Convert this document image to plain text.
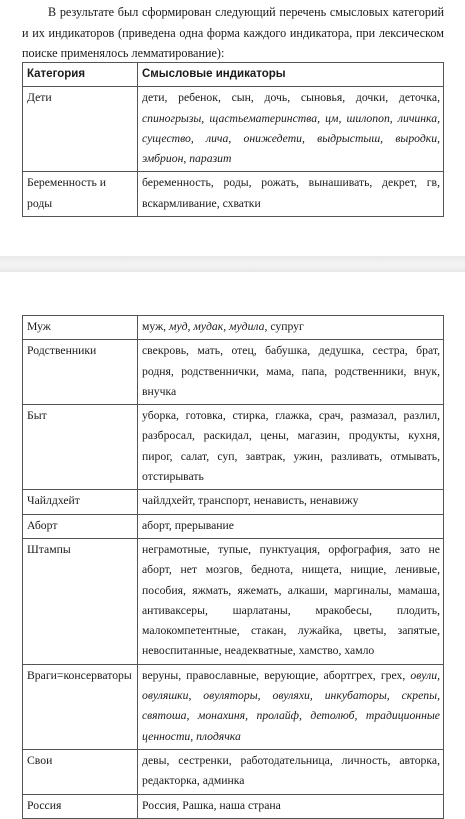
В результате был сформирован следующий перечень смысловых категорий и их индикаторов (приведена одна форма каждого индикатора, при лексическом поиске применялось лемматирование):

Категория	Смысловые индикаторы
Дети	дети, ребенок, сын, дочь, сыновья, дочки, деточка, спиногрызы, щастьематеринства, цм, шилопоп, личинка, существо, лича, онижедети, выдрыстыш, выродки, эмбрион, паразит
Беременность и роды	беременность, роды, рожать, вынашивать, декрет, гв, вскармливание, схватки
Муж	муж, муд, мудак, мудила, супруг
Родственники	свекровь, мать, отец, бабушка, дедушка, сестра, брат, родня, родственнички, мама, папа, родственники, внук, внучка
Быт	уборка, готовка, стирка, глажка, срач, размазал, разлил, разбросал, раскидал, цены, магазин, продукты, кухня, пирог, салат, суп, завтрак, ужин, разливать, отмывать, отстирывать
Чайлдхейт	чайлдхейт, транспорт, ненависть, ненавижу
Аборт	аборт, прерывание
Штампы	неграмотные, тупые, пунктуация, орфография, зато не аборт, нет мозгов, беднота, нищета, нищие, ленивые, пособия, яжмать, яжемать, алкаши, маргиналы, мамаша, антиваксеры, шарлатаны, мракобесы, плодить, малокомпетентные, стакан, лужайка, цветы, запятые, невоспитанные, неадекватные, хамство, хамло
Враги=консерваторы	веруны, православные, верующие, абортгрех, грех, овули, овуляшки, овуляторы, овуляхи, инкубаторы, скрепы, святоша, монахиня, пролайф, детолюб, традиционные ценности, плодячка
Свои	девы, сестренки, работодательница, личность, авторка, редакторка, админка
Россия	Россия, Рашка, наша страна
